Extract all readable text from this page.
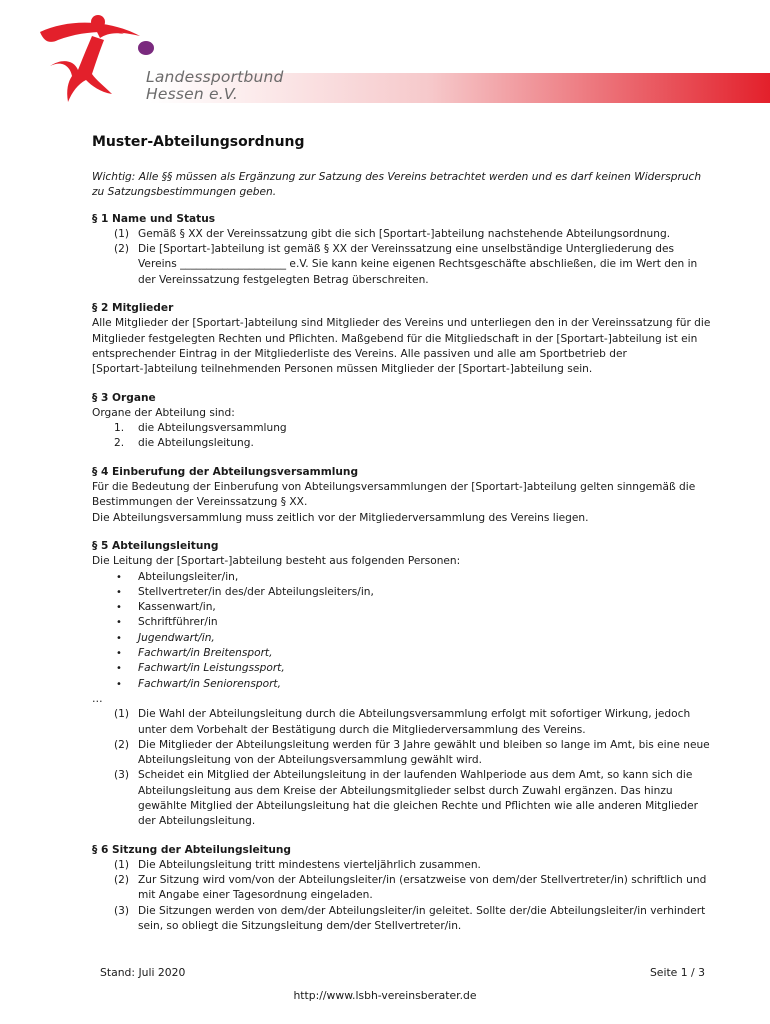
Landessportbund
Hessen e.V.
Muster-Abteilungsordnung

Wichtig: Alle §§ müssen als Ergänzung zur Satzung des Vereins betrachtet werden und es darf keinen Widerspruch zu Satzungsbestimmungen geben.

§ 1 Name und Status
(1) Gemäß § XX der Vereinssatzung gibt die sich [Sportart-]abteilung nachstehende Abteilungsordnung.
(2) Die [Sportart-]abteilung ist gemäß § XX der Vereinssatzung eine unselbständige Untergliederung des Vereins ____________________ e.V. Sie kann keine eigenen Rechtsgeschäfte abschließen, die im Wert den in der Vereinssatzung festgelegten Betrag überschreiten.
§ 2 Mitglieder

Alle Mitglieder der [Sportart-]abteilung sind Mitglieder des Vereins und unterliegen den in der Vereinssatzung für die Mitglieder festgelegten Rechten und Pflichten. Maßgebend für die Mitgliedschaft in der [Sportart-]abteilung ist ein entsprechender Eintrag in der Mitgliederliste des Vereins. Alle passiven und alle am Sportbetrieb der [Sportart-]abteilung teilnehmenden Personen müssen Mitglieder der [Sportart-]abteilung sein.

§ 3 Organe

Organe der Abteilung sind:

1. die Abteilungsversammlung
2. die Abteilungsleitung.
§ 4 Einberufung der Abteilungsversammlung

Für die Bedeutung der Einberufung von Abteilungsversammlungen der [Sportart-]abteilung gelten sinngemäß die Bestimmungen der Vereinssatzung § XX.

Die Abteilungsversammlung muss zeitlich vor der Mitgliederversammlung des Vereins liegen.

§ 5 Abteilungsleitung

Die Leitung der [Sportart-]abteilung besteht aus folgenden Personen:

• Abteilungsleiter/in,
• Stellvertreter/in des/der Abteilungsleiters/in,
• Kassenwart/in,
• Schriftführer/in
• Jugendwart/in,
• Fachwart/in Breitensport,
• Fachwart/in Leistungssport,
• Fachwart/in Seniorensport,

…

(1) Die Wahl der Abteilungsleitung durch die Abteilungsversammlung erfolgt mit sofortiger Wirkung, jedoch unter dem Vorbehalt der Bestätigung durch die Mitgliederversammlung des Vereins.
(2) Die Mitglieder der Abteilungsleitung werden für 3 Jahre gewählt und bleiben so lange im Amt, bis eine neue Abteilungsleitung von der Abteilungsversammlung gewählt wird.
(3) Scheidet ein Mitglied der Abteilungsleitung in der laufenden Wahlperiode aus dem Amt, so kann sich die Abteilungsleitung aus dem Kreise der Abteilungsmitglieder selbst durch Zuwahl ergänzen. Das hinzu gewählte Mitglied der Abteilungsleitung hat die gleichen Rechte und Pflichten wie alle anderen Mitglieder der Abteilungsleitung.
§ 6 Sitzung der Abteilungsleitung
(1) Die Abteilungsleitung tritt mindestens vierteljährlich zusammen.
(2) Zur Sitzung wird vom/von der Abteilungsleiter/in (ersatzweise von dem/der Stellvertreter/in) schriftlich und mit Angabe einer Tagesordnung eingeladen.
(3) Die Sitzungen werden von dem/der Abteilungsleiter/in geleitet. Sollte der/die Abteilungsleiter/in verhindert sein, so obliegt die Sitzungsleitung dem/der Stellvertreter/in.
Stand: Juli 2020	Seite 1 / 3
http://www.lsbh-vereinsberater.de
